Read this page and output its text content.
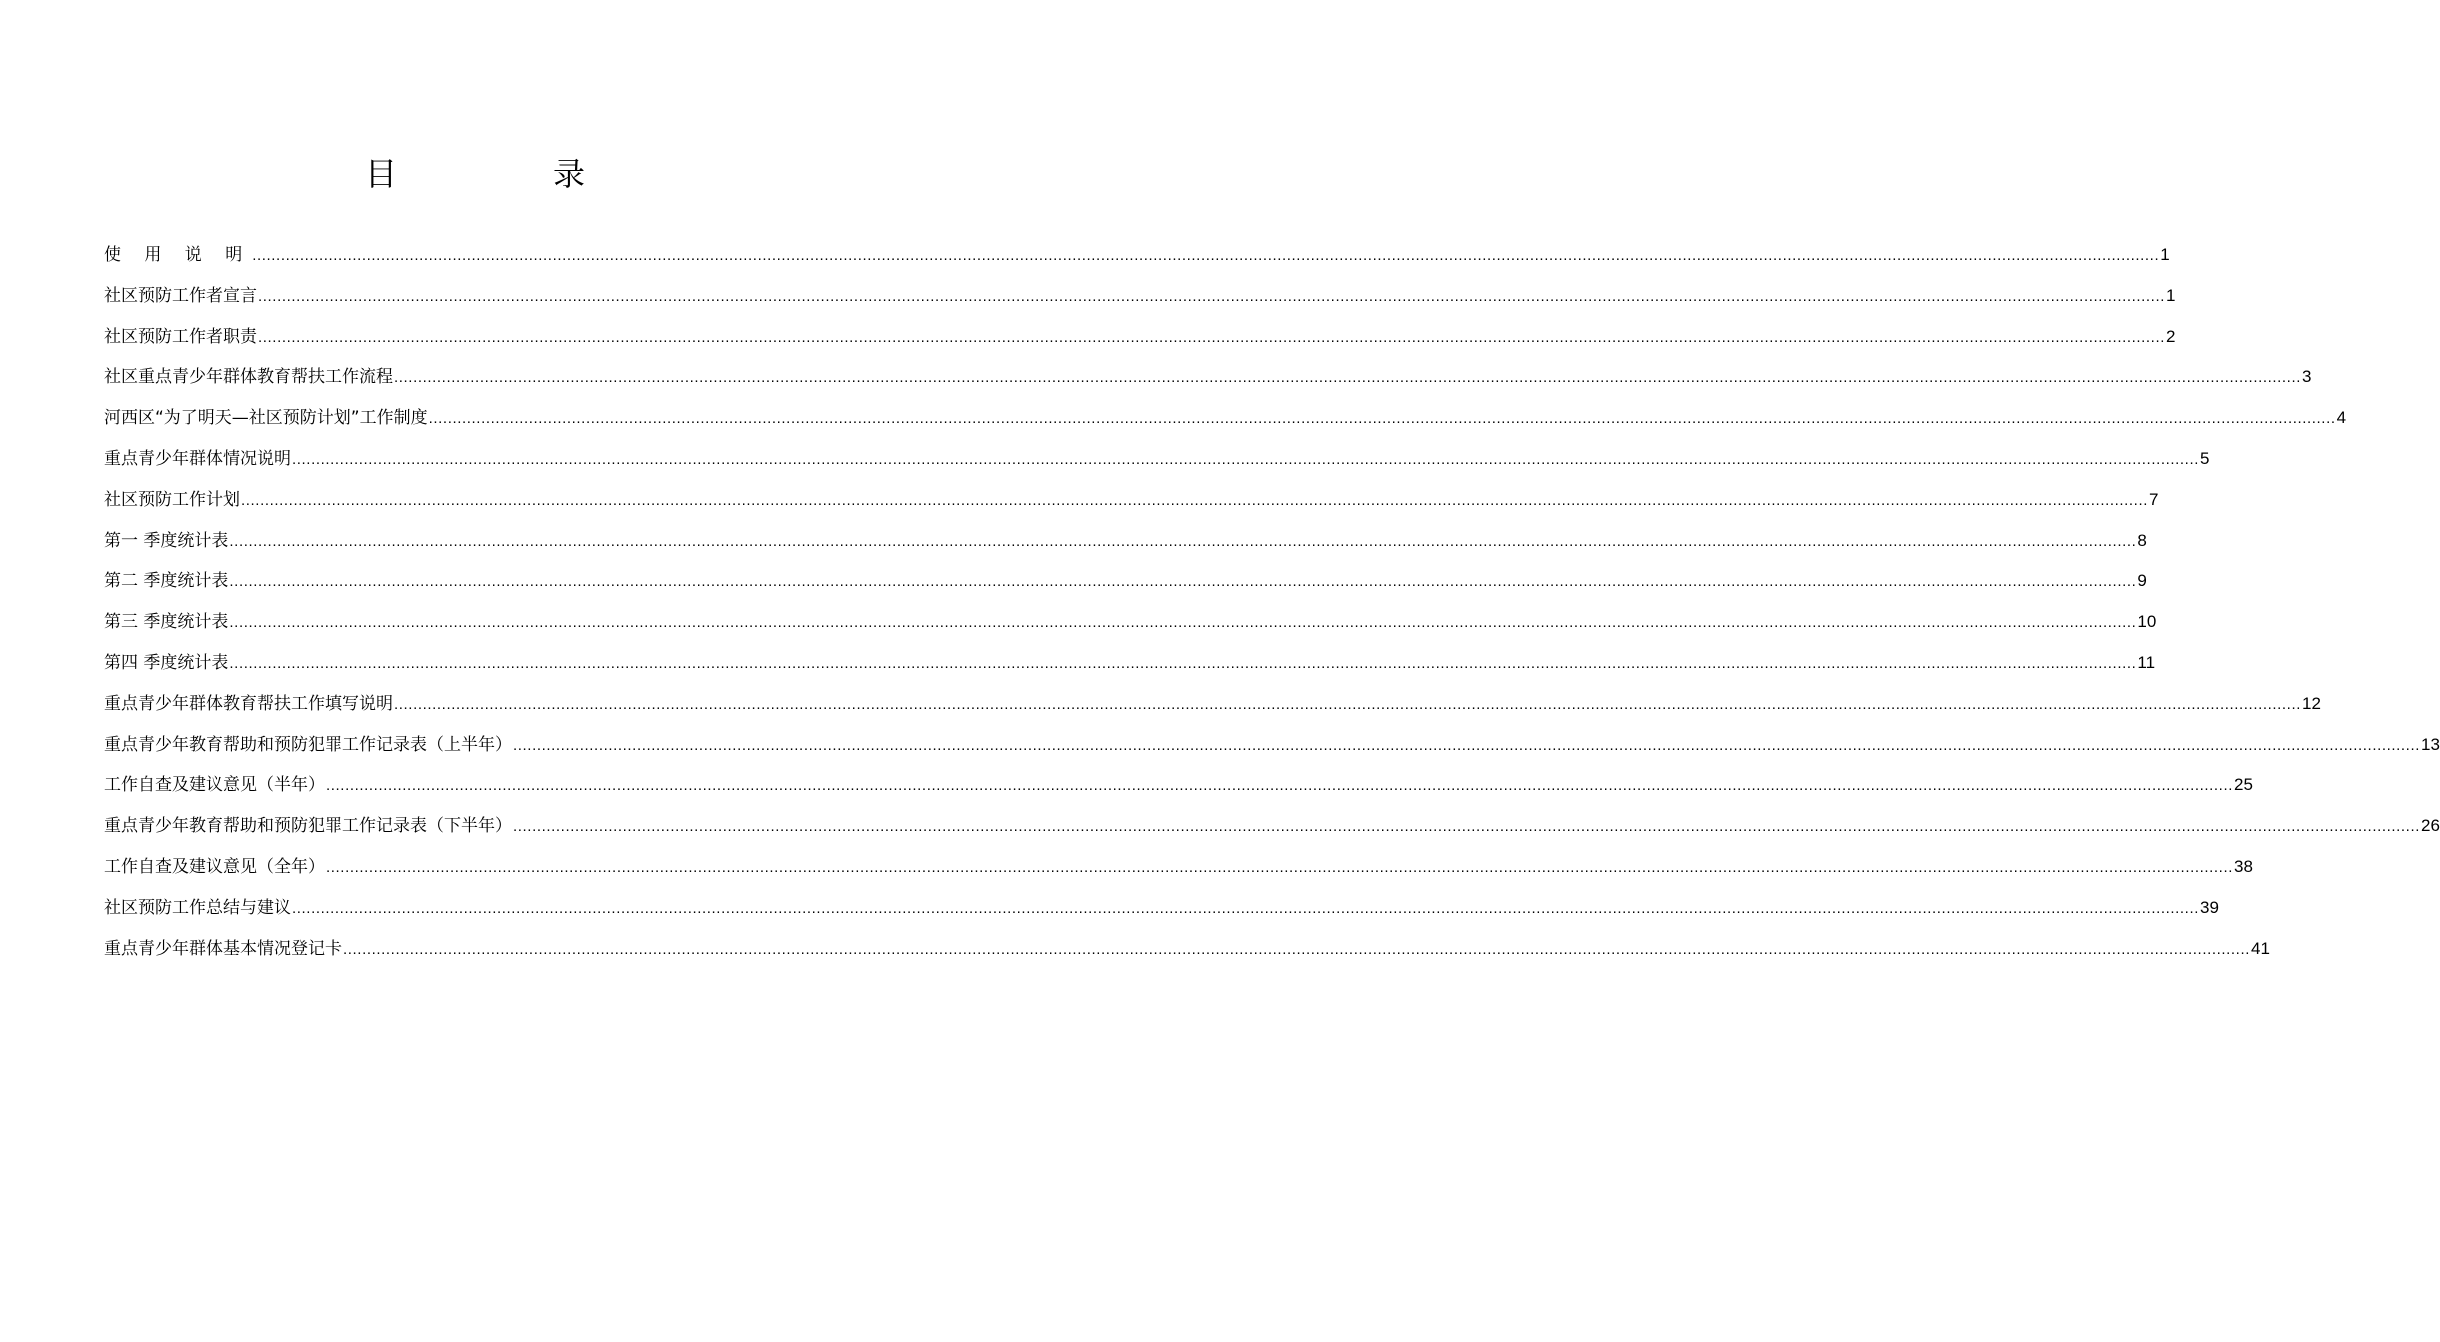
目　录
使 用 说 明 ................................................................................................................................................................................................................................................................................................................................................................................................................ 1
社区预防工作者宣言 ................................................................................................................................................................................................................................................................................................................................................................................................................ 1
社区预防工作者职责 ................................................................................................................................................................................................................................................................................................................................................................................................................ 2
社区重点青少年群体教育帮扶工作流程 ................................................................................................................................................................................................................................................................................................................................................................................................................ 3
河西区“为了明天—社区预防计划”工作制度 ................................................................................................................................................................................................................................................................................................................................................................................................................ 4
重点青少年群体情况说明 ................................................................................................................................................................................................................................................................................................................................................................................................................ 5
社区预防工作计划 ................................................................................................................................................................................................................................................................................................................................................................................................................ 7
第一 季度统计表 ................................................................................................................................................................................................................................................................................................................................................................................................................ 8
第二 季度统计表 ................................................................................................................................................................................................................................................................................................................................................................................................................ 9
第三 季度统计表 ................................................................................................................................................................................................................................................................................................................................................................................................................ 10
第四 季度统计表 ................................................................................................................................................................................................................................................................................................................................................................................................................ 11
重点青少年群体教育帮扶工作填写说明 ................................................................................................................................................................................................................................................................................................................................................................................................................ 12
重点青少年教育帮助和预防犯罪工作记录表（上半年） ................................................................................................................................................................................................................................................................................................................................................................................................................ 13
工作自查及建议意见（半年） ................................................................................................................................................................................................................................................................................................................................................................................................................ 25
重点青少年教育帮助和预防犯罪工作记录表（下半年） ................................................................................................................................................................................................................................................................................................................................................................................................................ 26
工作自查及建议意见（全年） ................................................................................................................................................................................................................................................................................................................................................................................................................ 38
社区预防工作总结与建议 ................................................................................................................................................................................................................................................................................................................................................................................................................ 39
重点青少年群体基本情况登记卡 ................................................................................................................................................................................................................................................................................................................................................................................................................ 41
